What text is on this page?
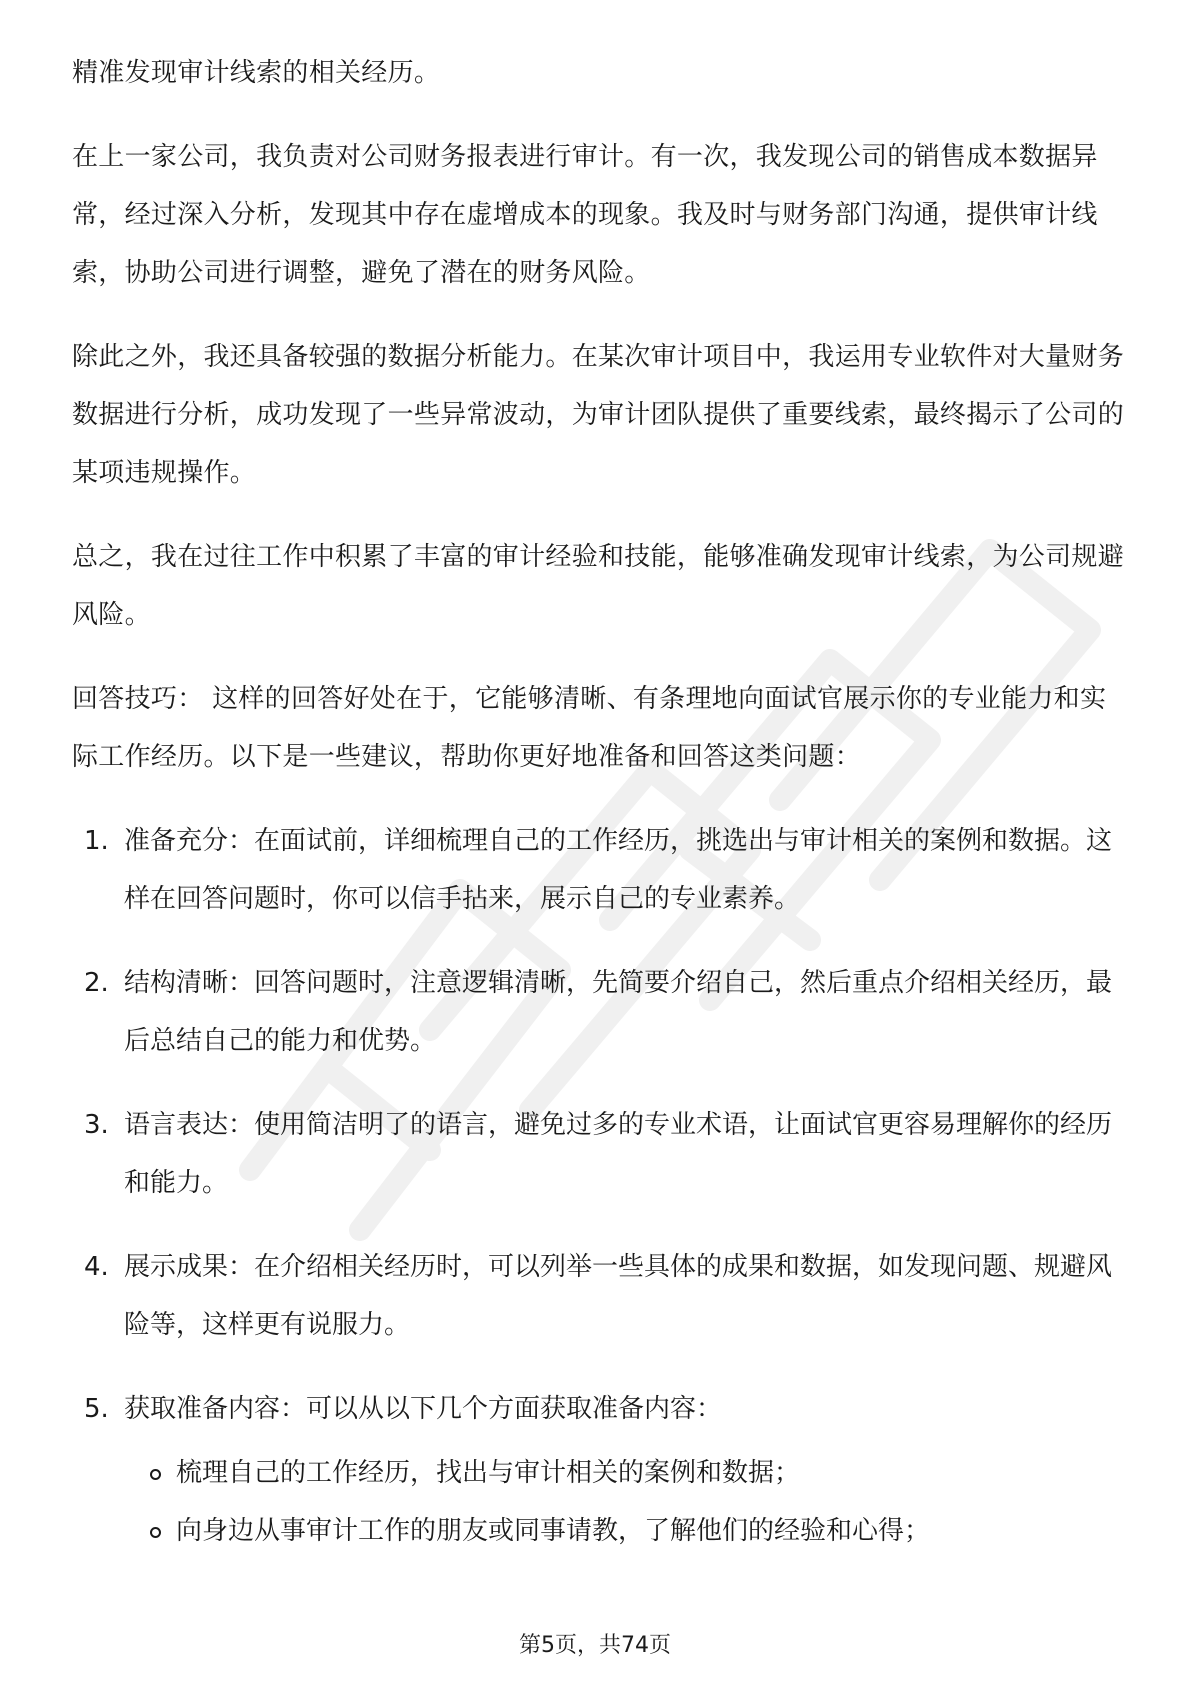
精准发现审计线索的相关经历。

在上一家公司，我负责对公司财务报表进行审计。有一次，我发现公司的销售成本数据异常，经过深入分析，发现其中存在虚增成本的现象。我及时与财务部门沟通，提供审计线索，协助公司进行调整，避免了潜在的财务风险。

除此之外，我还具备较强的数据分析能力。在某次审计项目中，我运用专业软件对大量财务数据进行分析，成功发现了一些异常波动，为审计团队提供了重要线索，最终揭示了公司的某项违规操作。

总之，我在过往工作中积累了丰富的审计经验和技能，能够准确发现审计线索，为公司规避风险。

回答技巧： 这样的回答好处在于，它能够清晰、有条理地向面试官展示你的专业能力和实际工作经历。以下是一些建议，帮助你更好地准备和回答这类问题：

1. 准备充分：在面试前，详细梳理自己的工作经历，挑选出与审计相关的案例和数据。这样在回答问题时，你可以信手拈来，展示自己的专业素养。
2. 结构清晰：回答问题时，注意逻辑清晰，先简要介绍自己，然后重点介绍相关经历，最后总结自己的能力和优势。
3. 语言表达：使用简洁明了的语言，避免过多的专业术语，让面试官更容易理解你的经历和能力。
4. 展示成果：在介绍相关经历时，可以列举一些具体的成果和数据，如发现问题、规避风险等，这样更有说服力。
5. 获取准备内容：可以从以下几个方面获取准备内容：
梳理自己的工作经历，找出与审计相关的案例和数据；
向身边从事审计工作的朋友或同事请教，了解他们的经验和心得；
第5页，共74页
